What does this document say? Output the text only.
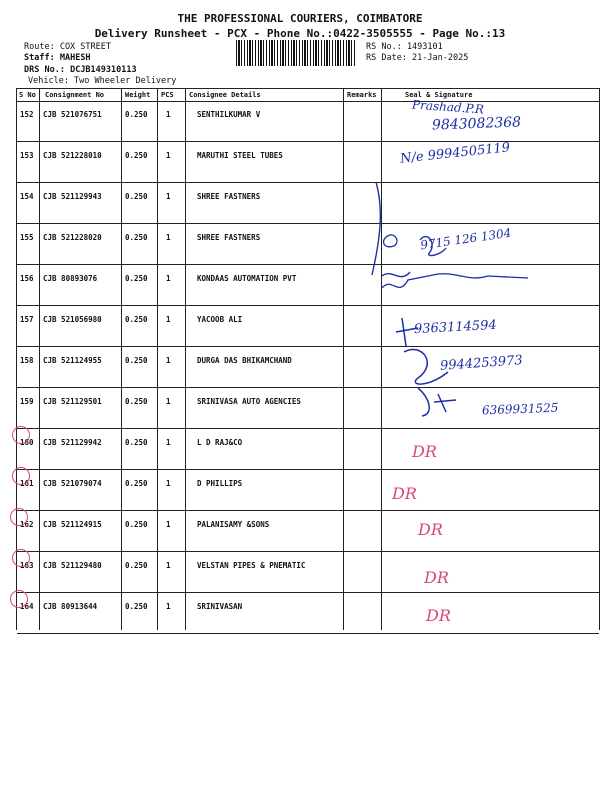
THE PROFESSIONAL COURIERS, COIMBATORE
Delivery Runsheet - PCX - Phone No.:0422-3505555 - Page No.:13
Route: COX STREET
Staff: MAHESH
DRS No.: DCJB149310113
Vehicle: Two Wheeler Delivery
RS No.: 1493101
RS Date: 21-Jan-2025
S No Consignment No	Weight PCS Consignee Details	Remarks	Seal & Signature
152 CJB 521076751	0.250 1	SENTHILKUMAR V
153 CJB 521228010	0.250 1	MARUTHI STEEL TUBES
154 CJB 521129943	0.250 1	SHREE FASTNERS
155 CJB 521228020	0.250 1	SHREE FASTNERS
156 CJB 80893076	0.250 1	KONDAAS AUTOMATION PVT
157 CJB 521056980	0.250 1	YACOOB ALI
158 CJB 521124955	0.250 1	DURGA DAS BHIKAMCHAND
159 CJB 521129501	0.250 1	SRINIVASA AUTO AGENCIES
160 CJB 521129942	0.250 1	L D RAJ&CO
161 CJB 521079074	0.250 1	D PHILLIPS
162 CJB 521124915	0.250 1	PALANISAMY &SONS
163 CJB 521129480	0.250 1	VELSTAN PIPES & PNEMATIC
164 CJB 80913644	0.250 1	SRINIVASAN
Prashad.P.R
9843082368
N/e 9994505119
9715 126 1304
9363114594
9944253973
6369931525
DR
DR
DR
DR
DR
